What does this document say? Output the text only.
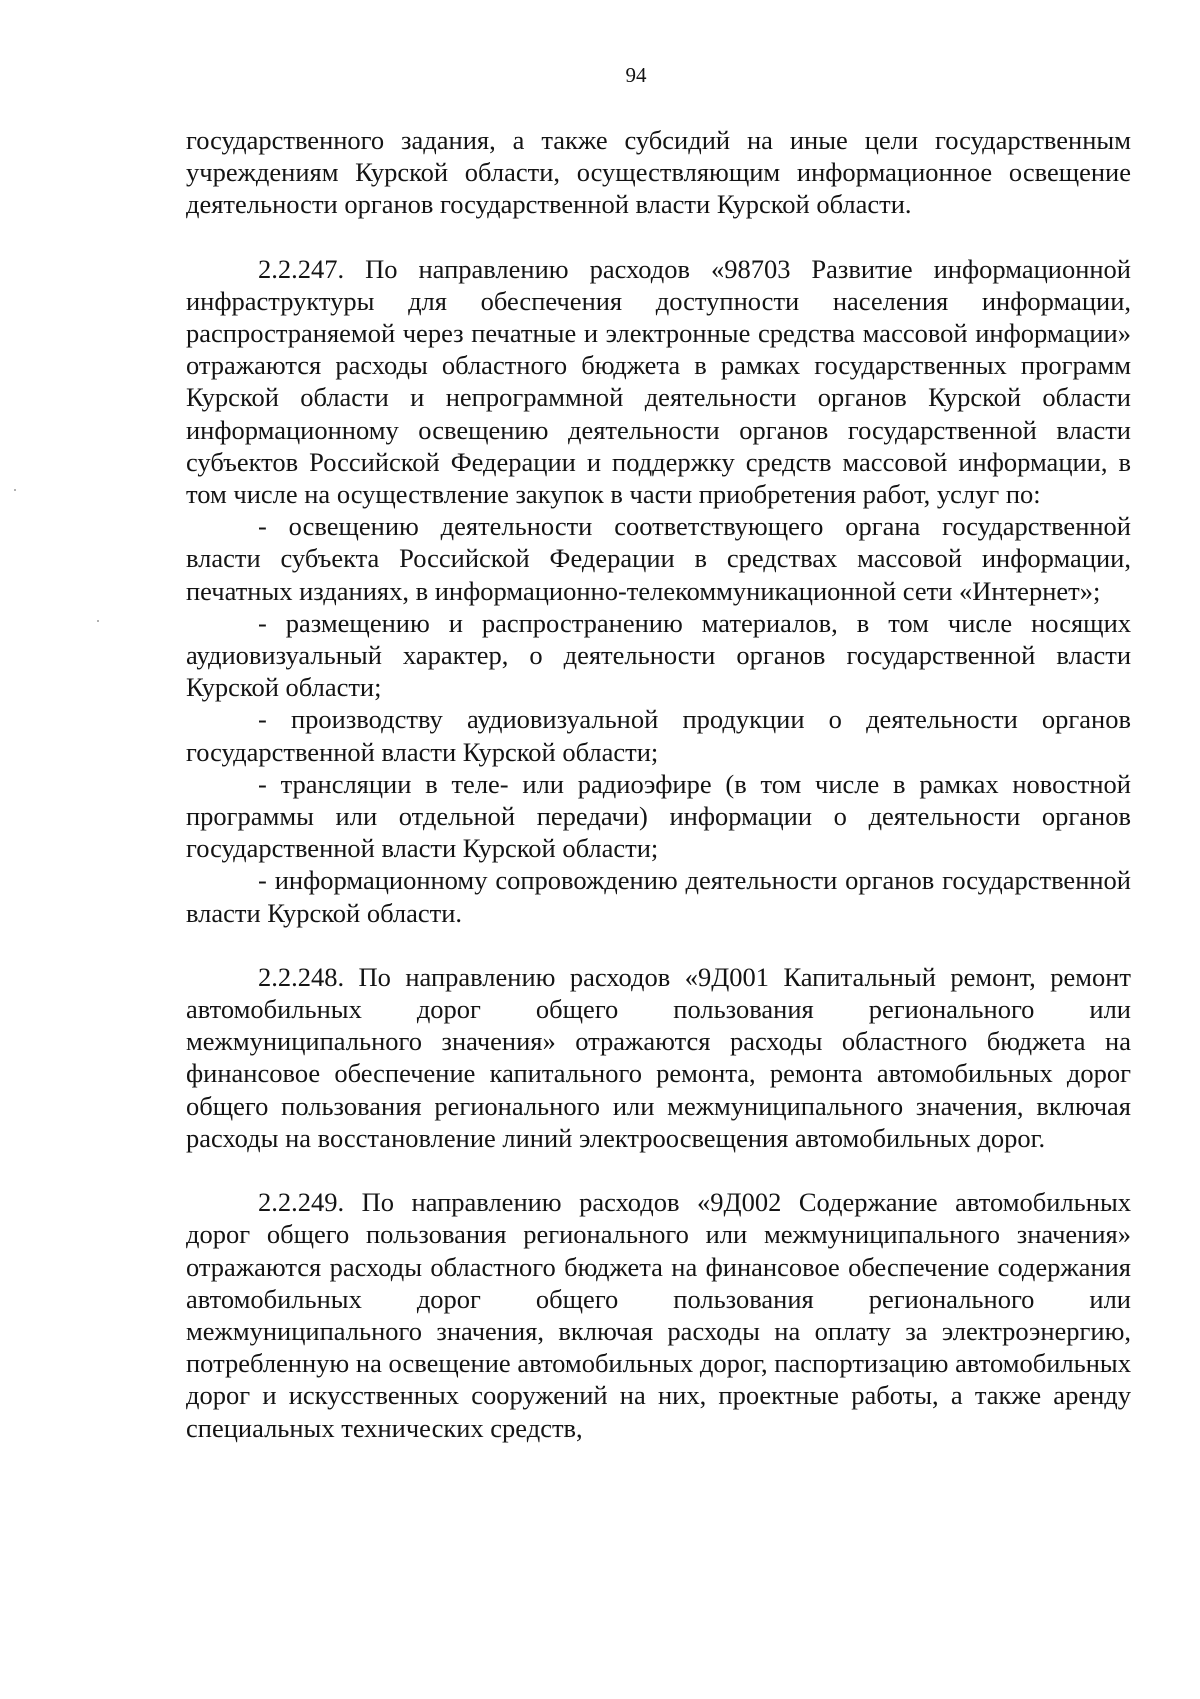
94

государственного задания, а также субсидий на иные цели государственным учреждениям Курской области, осуществляющим информационное освещение деятельности органов государственной власти Курской области.

2.2.247. По направлению расходов «98703 Развитие информационной инфраструктуры для обеспечения доступности населения информации, распространяемой через печатные и электронные средства массовой информации» отражаются расходы областного бюджета в рамках государственных программ Курской области и непрограммной деятельности органов Курской области информационному освещению деятельности органов государственной власти субъектов Российской Федерации и поддержку средств массовой информации, в том числе на осуществление закупок в части приобретения работ, услуг по:

- освещению деятельности соответствующего органа государственной власти субъекта Российской Федерации в средствах массовой информации, печатных изданиях, в информационно-телекоммуникационной сети «Интернет»;

- размещению и распространению материалов, в том числе носящих аудиовизуальный характер, о деятельности органов государственной власти Курской области;

- производству аудиовизуальной продукции о деятельности органов государственной власти Курской области;

- трансляции в теле- или радиоэфире (в том числе в рамках новостной программы или отдельной передачи) информации о деятельности органов государственной власти Курской области;

- информационному сопровождению деятельности органов государственной власти Курской области.

2.2.248. По направлению расходов «9Д001 Капитальный ремонт, ремонт автомобильных дорог общего пользования регионального или межмуниципального значения» отражаются расходы областного бюджета на финансовое обеспечение капитального ремонта, ремонта автомобильных дорог общего пользования регионального или межмуниципального значения, включая расходы на восстановление линий электроосвещения автомобильных дорог.

2.2.249. По направлению расходов «9Д002 Содержание автомобильных дорог общего пользования регионального или межмуниципального значения» отражаются расходы областного бюджета на финансовое обеспечение содержания автомобильных дорог общего пользования регионального или межмуниципального значения, включая расходы на оплату за электроэнергию, потребленную на освещение автомобильных дорог, паспортизацию автомобильных дорог и искусственных сооружений на них, проектные работы, а также аренду специальных технических средств,
